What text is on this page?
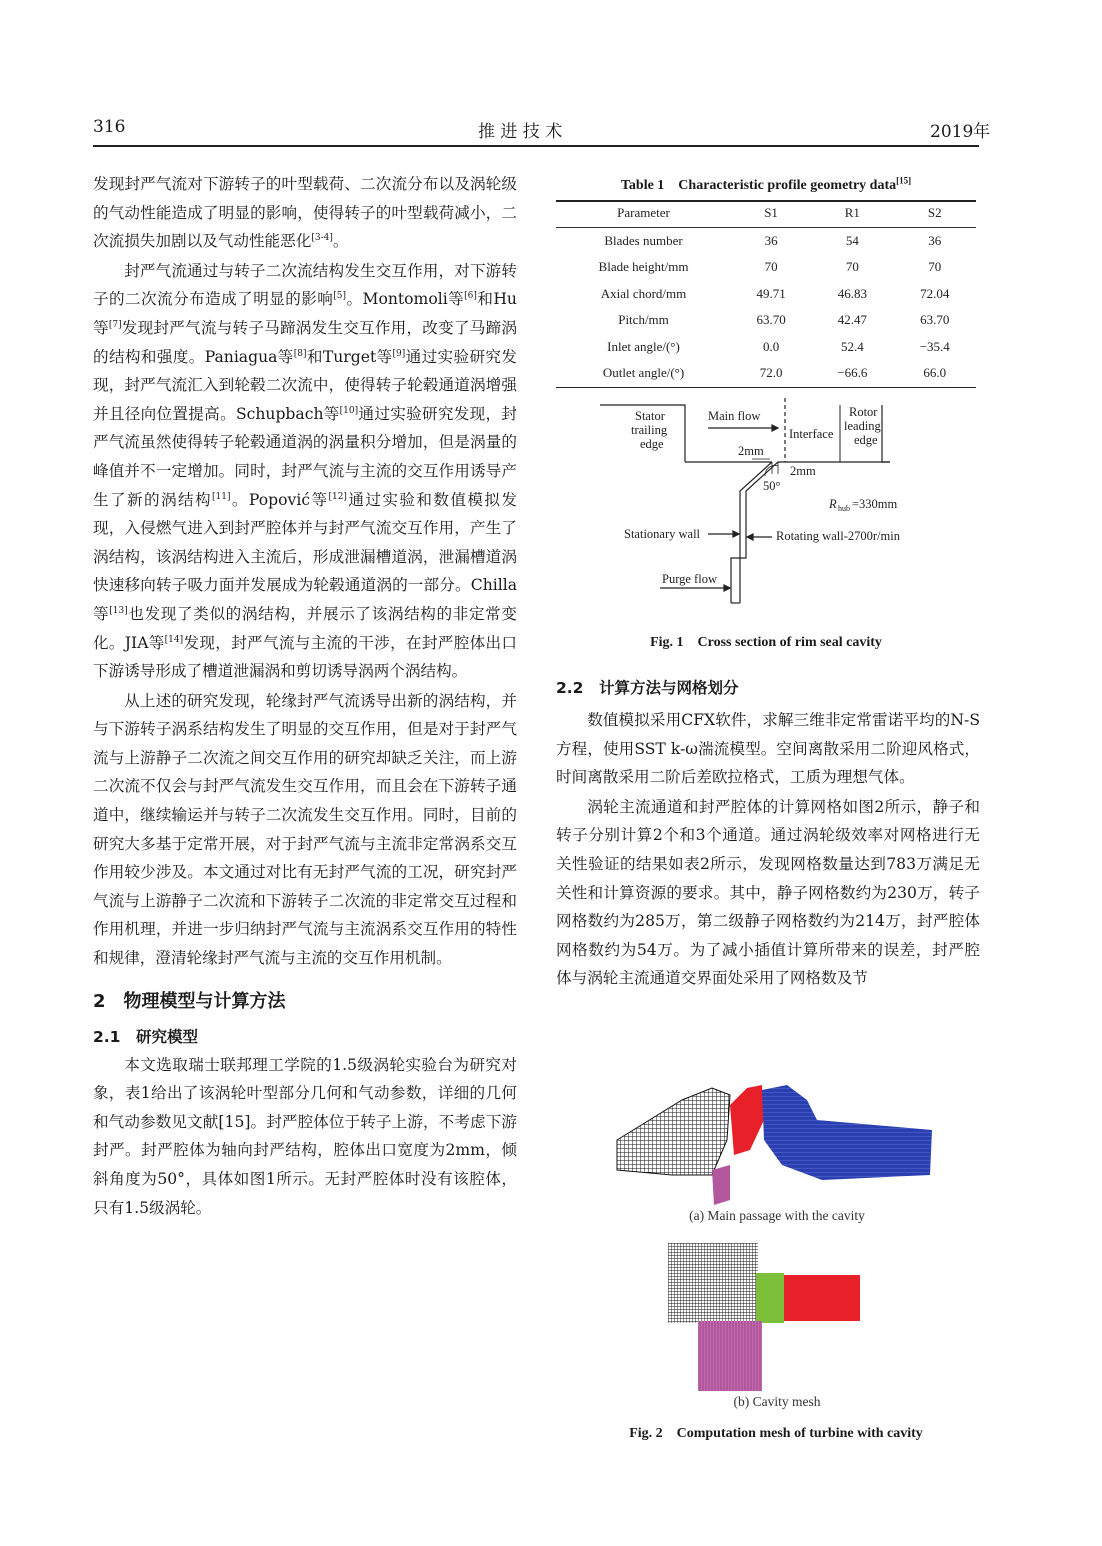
316	推 进 技 术	2019年

发现封严气流对下游转子的叶型载荷、二次流分布以及涡轮级的气动性能造成了明显的影响，使得转子的叶型载荷减小，二次流损失加剧以及气动性能恶化[3-4]。

封严气流通过与转子二次流结构发生交互作用，对下游转子的二次流分布造成了明显的影响[5]。Montomoli等[6]和Hu等[7]发现封严气流与转子马蹄涡发生交互作用，改变了马蹄涡的结构和强度。Paniagua等[8]和Turget等[9]通过实验研究发现，封严气流汇入到轮毂二次流中，使得转子轮毂通道涡增强并且径向位置提高。Schupbach等[10]通过实验研究发现，封严气流虽然使得转子轮毂通道涡的涡量积分增加，但是涡量的峰值并不一定增加。同时，封严气流与主流的交互作用诱导产生了新的涡结构[11]。Popović等[12]通过实验和数值模拟发现，入侵燃气进入到封严腔体并与封严气流交互作用，产生了涡结构，该涡结构进入主流后，形成泄漏槽道涡，泄漏槽道涡快速移向转子吸力面并发展成为轮毂通道涡的一部分。Chilla等[13]也发现了类似的涡结构，并展示了该涡结构的非定常变化。JIA等[14]发现，封严气流与主流的干涉，在封严腔体出口下游诱导形成了槽道泄漏涡和剪切诱导涡两个涡结构。

从上述的研究发现，轮缘封严气流诱导出新的涡结构，并与下游转子涡系结构发生了明显的交互作用，但是对于封严气流与上游静子二次流之间交互作用的研究却缺乏关注，而上游二次流不仅会与封严气流发生交互作用，而且会在下游转子通道中，继续输运并与转子二次流发生交互作用。同时，目前的研究大多基于定常开展，对于封严气流与主流非定常涡系交互作用较少涉及。本文通过对比有无封严气流的工况，研究封严气流与上游静子二次流和下游转子二次流的非定常交互过程和作用机理，并进一步归纳封严气流与主流涡系交互作用的特性和规律，澄清轮缘封严气流与主流的交互作用机制。

2　物理模型与计算方法
2.1　研究模型

本文选取瑞士联邦理工学院的1.5级涡轮实验台为研究对象，表1给出了该涡轮叶型部分几何和气动参数，详细的几何和气动参数见文献[15]。封严腔体位于转子上游，不考虑下游封严。封严腔体为轴向封严结构，腔体出口宽度为2mm，倾斜角度为50°，具体如图1所示。无封严腔体时没有该腔体，只有1.5级涡轮。

Table 1　Characteristic profile geometry data[15]
Parameter	S1	R1	S2
Blades number	36	54	36
Blade height/mm	70	70	70
Axial chord/mm	49.71	46.83	72.04
Pitch/mm	63.70	42.47	63.70
Inlet angle/(°)	0.0	52.4	−35.4
Outlet angle/(°)	72.0	−66.6	66.0
Stator
trailing
edge
Main flow
Interface
Rotor
leading
edge
2mm
2mm
50°
R hub =330mm
Stationary wall	Rotating wall-2700r/min
Purge flow
Fig. 1　Cross section of rim seal cavity
2.2　计算方法与网格划分

数值模拟采用CFX软件，求解三维非定常雷诺平均的N-S方程，使用SST k-ω湍流模型。空间离散采用二阶迎风格式，时间离散采用二阶后差欧拉格式，工质为理想气体。

涡轮主流通道和封严腔体的计算网格如图2所示，静子和转子分别计算2个和3个通道。通过涡轮级效率对网格进行无关性验证的结果如表2所示，发现网格数量达到783万满足无关性和计算资源的要求。其中，静子网格数约为230万，转子网格数约为285万，第二级静子网格数约为214万，封严腔体网格数约为54万。为了减小插值计算所带来的误差，封严腔体与涡轮主流通道交界面处采用了网格数及节

(a) Main passage with the cavity
(b) Cavity mesh
Fig. 2　Computation mesh of turbine with cavity
